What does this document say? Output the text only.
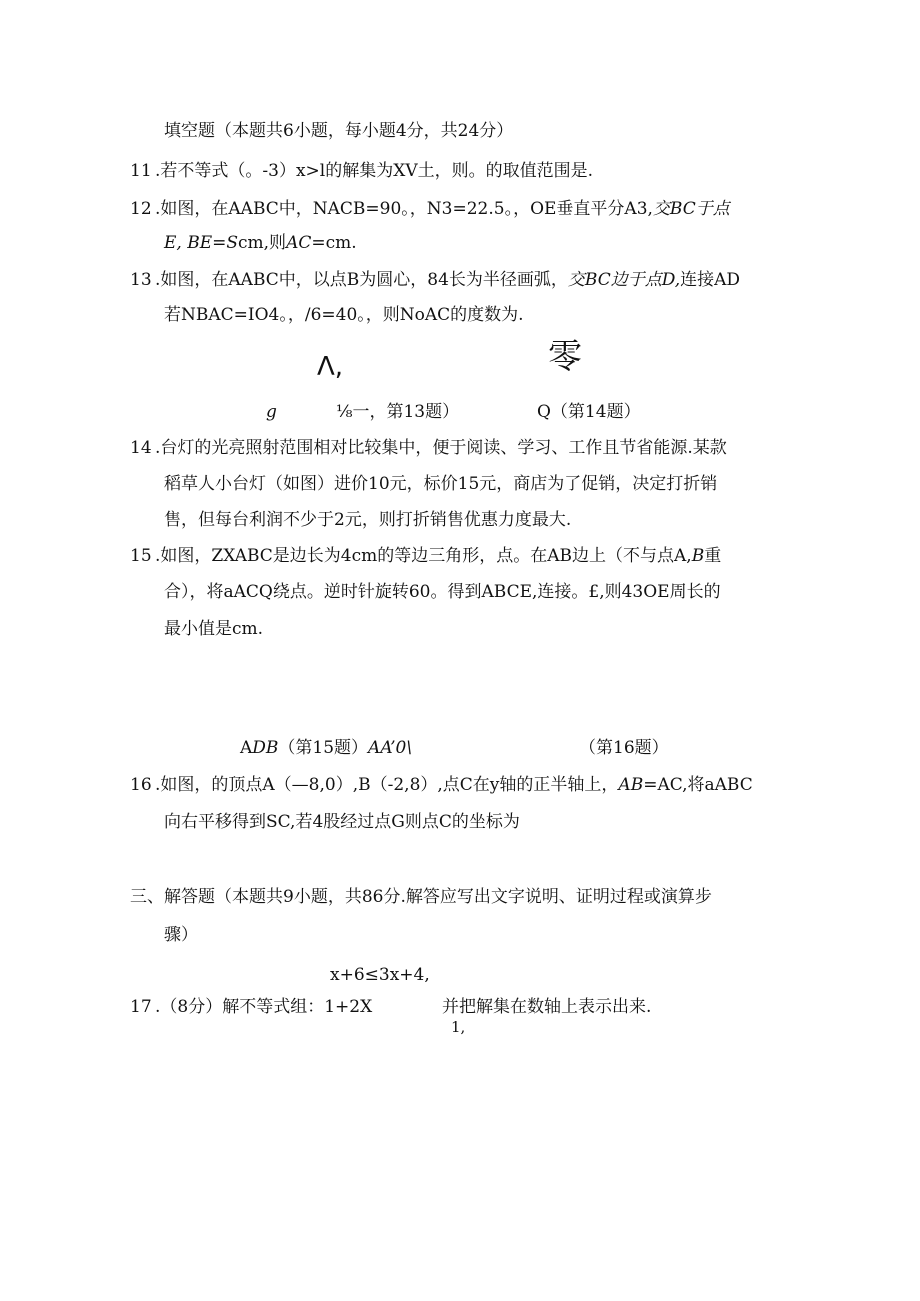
填空题（本题共6小题，每小题4分，共24分）
11 .若不等式（。-3）x>l的解集为XV土，则。的取值范围是.
12 .如图，在AABC中，NACB=90。，N3=22.5。，OE垂直平分A3,交BC于点
E, BE=Scm,则AC=cm.
13 .如图，在AABC中，以点B为圆心，84长为半径画弧，交BC边于点D,连接AD
若NBAC=IO4。，/6=40。，则NoAC的度数为.
Λ,	零
g	⅛一，第13题）	Q（第14题）
14 .台灯的光亮照射范围相对比较集中，便于阅读、学习、工作且节省能源.某款
稻草人小台灯（如图）进价10元，标价15元，商店为了促销，决定打折销
售，但每台利润不少于2元，则打折销售优惠力度最大.
15 .如图，ZXABC是边长为4cm的等边三角形，点。在AB边上（不与点A,B重
合），将aACQ绕点。逆时针旋转60。得到ABCE,连接。£,则43OE周长的
最小值是cm.
ADB（第15题）AA’0\	（第16题）
16 .如图，的顶点A（—8,0）,B（-2,8）,点C在y轴的正半轴上，AB=AC,将aABC
向右平移得到SC,若4股经过点G则点C的坐标为
三、解答题（本题共9小题，共86分.解答应写出文字说明、证明过程或演算步
骤）
x+6≤3x+4,
17 .（8分）解不等式组：1+2X	并把解集在数轴上表示出来.
1,
